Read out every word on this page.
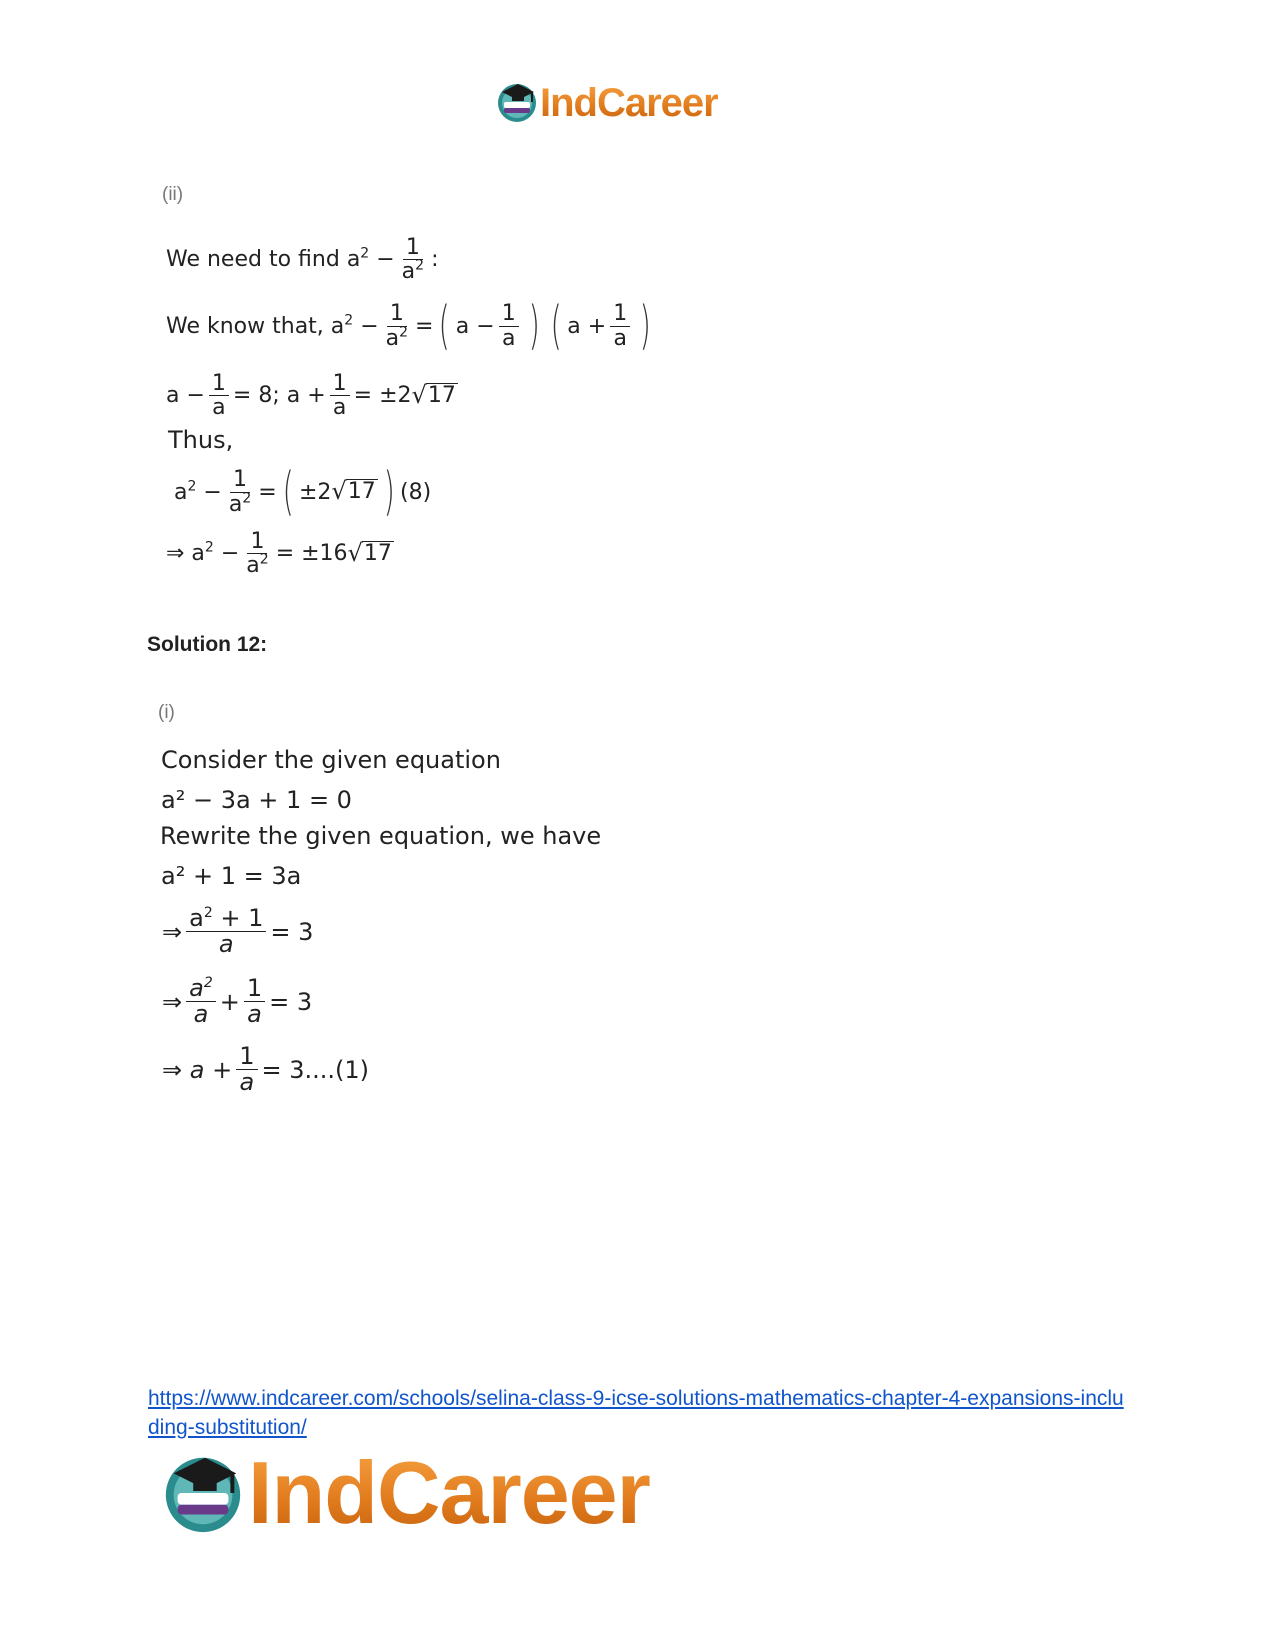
IndCareer
(ii)
We need to find
$a^2 - \frac{1}{a^2}$ :
We know that,
$a^2 - \frac{1}{a^2}$ = ( $a - \frac{1}{a}$ ) ( $a + \frac{1}{a}$ )
$a - \frac{1}{a} = 8$; $a + \frac{1}{a} = \pm 2$ √ 17
Thus,
$a^2 - \frac{1}{a^2}$ = ( ±2 √ 17 ) (8)
⇒ $a^2 - \frac{1}{a^2} = \pm 16$ √ 17
Solution 12:
(i)
Consider the given equation
a² − 3a + 1 = 0
Rewrite the given equation, we have
a² + 1 = 3a
⇒ $\frac{a^2 + 1}{a} = 3$
⇒ $\frac{a^2}{a} + \frac{1}{a} = 3$
⇒ $a + \frac{1}{a} = 3....(1)$
https://www.indcareer.com/schools/selina-class-9-icse-solutions-mathematics-chapter-4-expansions-including-substitution/
IndCareer
